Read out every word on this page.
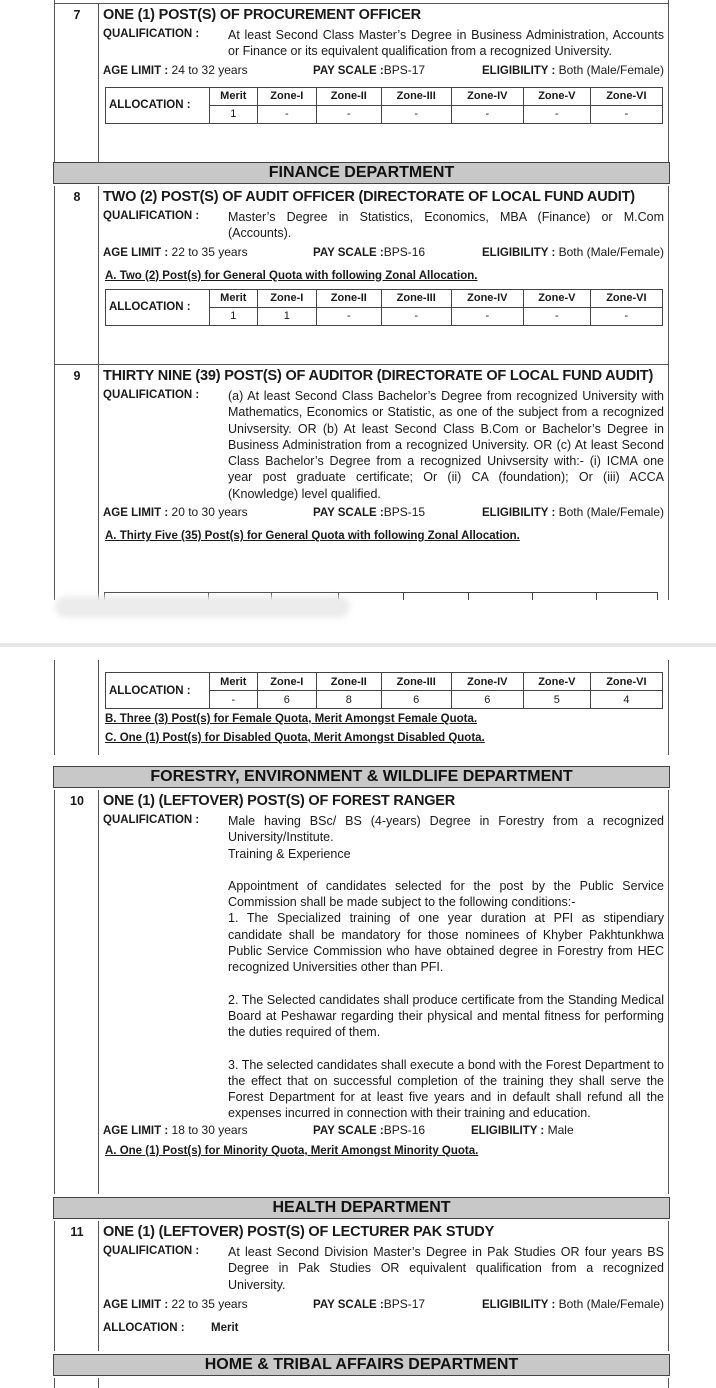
7	ONE (1) POST(S) OF PROCUREMENT OFFICER
QUALIFICATION :	At least Second Class Master’s Degree in Business Administration, Accounts or Finance or its equivalent qualification from a recognized University.
AGE LIMIT : 24 to 32 years	PAY SCALE :BPS-17	ELIGIBILITY : Both (Male/Female)
ALLOCATION :	Merit	Zone-I	Zone-II	Zone-III	Zone-IV	Zone-V	Zone-VI
	1	-	-	-	-	-	-
FINANCE DEPARTMENT
8	TWO (2) POST(S) OF AUDIT OFFICER (DIRECTORATE OF LOCAL FUND AUDIT)
QUALIFICATION :	Master’s Degree in Statistics, Economics, MBA (Finance) or M.Com (Accounts).
AGE LIMIT : 22 to 35 years	PAY SCALE :BPS-16	ELIGIBILITY : Both (Male/Female)
A. Two (2) Post(s) for General Quota with following Zonal Allocation.
ALLOCATION :	Merit	Zone-I	Zone-II	Zone-III	Zone-IV	Zone-V	Zone-VI
	1	1	-	-	-	-	-
9	THIRTY NINE (39) POST(S) OF AUDITOR (DIRECTORATE OF LOCAL FUND AUDIT)
QUALIFICATION :	(a) At least Second Class Bachelor’s Degree from recognized University with Mathematics, Economics or Statistic, as one of the subject from a recognized Univsersity. OR (b) At least Second Class B.Com or Bachelor’s Degree in Business Administration from a recognized University. OR (c) At least Second Class Bachelor’s Degree from a recognized Univsersity with:- (i) ICMA one year post graduate certificate; Or (ii) CA (foundation); Or (iii) ACCA (Knowledge) level qualified.
AGE LIMIT : 20 to 30 years	PAY SCALE :BPS-15	ELIGIBILITY : Both (Male/Female)
A. Thirty Five (35) Post(s) for General Quota with following Zonal Allocation.
ALLOCATION :	Merit	Zone-I	Zone-II	Zone-III	Zone-IV	Zone-V	Zone-VI
	-	6	8	6	6	5	4
B. Three (3) Post(s) for Female Quota, Merit Amongst Female Quota.
C. One (1) Post(s) for Disabled Quota, Merit Amongst Disabled Quota.
FORESTRY, ENVIRONMENT & WILDLIFE DEPARTMENT
10	ONE (1) (LEFTOVER) POST(S) OF FOREST RANGER
QUALIFICATION :	Male having BSc/ BS (4-years) Degree in Forestry from a recognized University/Institute.
Training & Experience
Appointment of candidates selected for the post by the Public Service Commission shall be made subject to the following conditions:-
1. The Specialized training of one year duration at PFI as stipendiary candidate shall be mandatory for those nominees of Khyber Pakhtunkhwa Public Service Commission who have obtained degree in Forestry from HEC recognized Universities other than PFI.
2. The Selected candidates shall produce certificate from the Standing Medical Board at Peshawar regarding their physical and mental fitness for performing the duties required of them.
3. The selected candidates shall execute a bond with the Forest Department to the effect that on successful completion of the training they shall serve the Forest Department for at least five years and in default shall refund all the expenses incurred in connection with their training and education.
AGE LIMIT : 18 to 30 years	PAY SCALE :BPS-16	ELIGIBILITY : Male
A. One (1) Post(s) for Minority Quota, Merit Amongst Minority Quota.
HEALTH DEPARTMENT
11	ONE (1) (LEFTOVER) POST(S) OF LECTURER PAK STUDY
QUALIFICATION :	At least Second Division Master’s Degree in Pak Studies OR four years BS Degree in Pak Studies OR equivalent qualification from a recognized University.
AGE LIMIT : 22 to 35 years	PAY SCALE :BPS-17	ELIGIBILITY : Both (Male/Female)
ALLOCATION :	Merit
HOME & TRIBAL AFFAIRS DEPARTMENT
